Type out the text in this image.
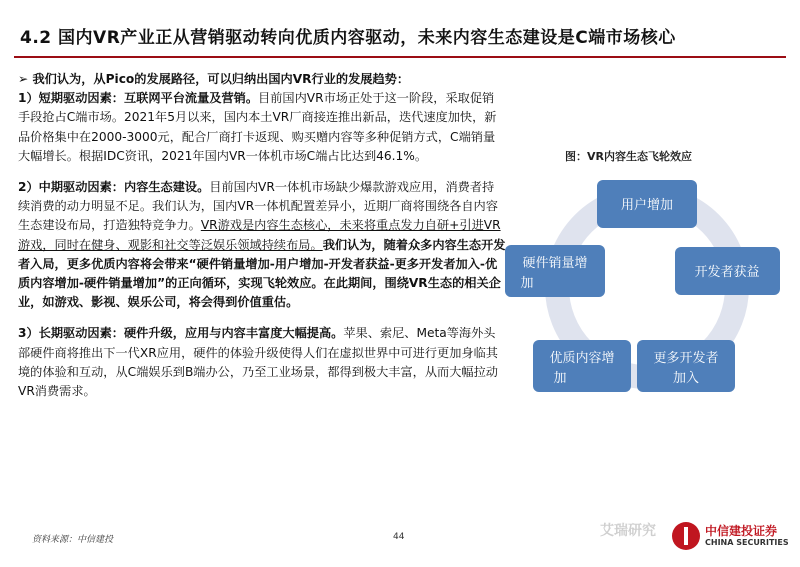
4.2 国内VR产业正从营销驱动转向优质内容驱动，未来内容生态建设是C端市场核心

➢ 我们认为，从Pico的发展路径，可以归纳出国内VR行业的发展趋势：
1）短期驱动因素：互联网平台流量及营销。目前国内VR市场正处于这一阶段，采取促销手段抢占C端市场。2021年5月以来，国内本土VR厂商接连推出新品，迭代速度加快，新品价格集中在2000-3000元，配合厂商打卡返现、购买赠内容等多种促销方式，C端销量大幅增长。根据IDC资讯，2021年国内VR一体机市场C端占比达到46.1%。

2）中期驱动因素：内容生态建设。目前国内VR一体机市场缺少爆款游戏应用，消费者持续消费的动力明显不足。我们认为，国内VR一体机配置差异小，近期厂商将围绕各自内容生态建设布局，打造独特竞争力。VR游戏是内容生态核心，未来将重点发力自研+引进VR游戏，同时在健身、观影和社交等泛娱乐领域持续布局。我们认为，随着众多内容生态开发者入局，更多优质内容将会带来“硬件销量增加-用户增加-开发者获益-更多开发者加入-优质内容增加-硬件销量增加”的正向循环，实现飞轮效应。在此期间，围绕VR生态的相关企业，如游戏、影视、娱乐公司，将会得到价值重估。

3）长期驱动因素：硬件升级，应用与内容丰富度大幅提高。苹果、索尼、Meta等海外头部硬件商将推出下一代XR应用，硬件的体验升级使得人们在虚拟世界中可进行更加身临其境的体验和互动，从C端娱乐到B端办公，乃至工业场景，都得到极大丰富，从而大幅拉动VR消费需求。

图：VR内容生态飞轮效应
用户增加
开发者获益
更多开发者
加入
优质内容增
加
硬件销量增
加
资料来源：中信建投	44	艾瑞研究	中信建投证券
CHINA SECURITIES
